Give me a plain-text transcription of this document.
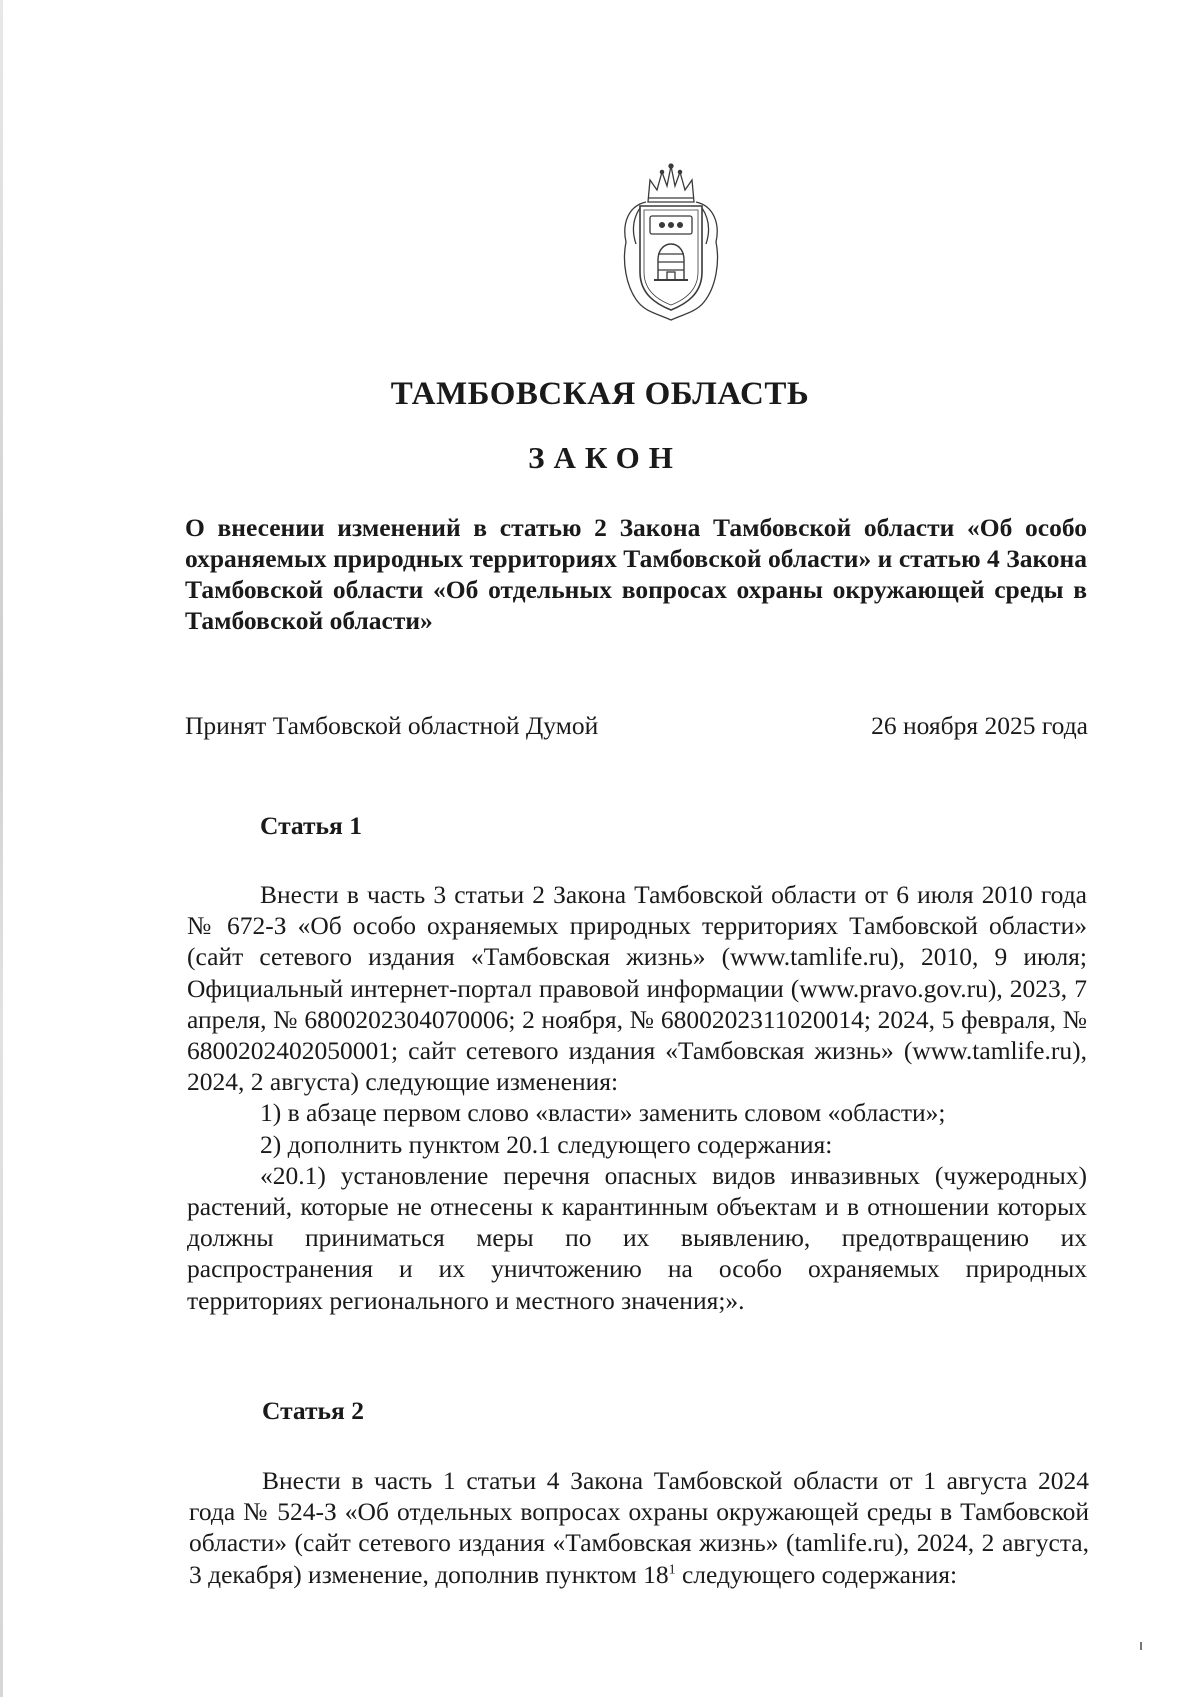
ТАМБОВСКАЯ ОБЛАСТЬ
ЗАКОН
О внесении изменений в статью 2 Закона Тамбовской области «Об особо охраняемых природных территориях Тамбовской области» и статью 4 Закона Тамбовской области «Об отдельных вопросах охраны окружающей среды в Тамбовской области»
Принят Тамбовской областной Думой	26 ноября 2025 года
Статья 1

Внести в часть 3 статьи 2 Закона Тамбовской области от 6 июля 2010 года № 672-З «Об особо охраняемых природных территориях Тамбовской области» (сайт сетевого издания «Тамбовская жизнь» (www.tamlife.ru), 2010, 9 июля; Официальный интернет-портал правовой информации (www.pravo.gov.ru), 2023, 7 апреля, № 6800202304070006; 2 ноября, № 6800202311020014; 2024, 5 февраля, № 6800202402050001; сайт сетевого издания «Тамбовская жизнь» (www.tamlife.ru), 2024, 2 августа) следующие изменения:

1) в абзаце первом слово «власти» заменить словом «области»;

2) дополнить пунктом 20.1 следующего содержания:

«20.1) установление перечня опасных видов инвазивных (чужеродных) растений, которые не отнесены к карантинным объектам и в отношении которых должны приниматься меры по их выявлению, предотвращению их распространения и их уничтожению на особо охраняемых природных территориях регионального и местного значения;».

Статья 2

Внести в часть 1 статьи 4 Закона Тамбовской области от 1 августа 2024 года № 524-З «Об отдельных вопросах охраны окружающей среды в Тамбовской области» (сайт сетевого издания «Тамбовская жизнь» (tamlife.ru), 2024, 2 августа, 3 декабря) изменение, дополнив пунктом $18^1$ следующего содержания:
